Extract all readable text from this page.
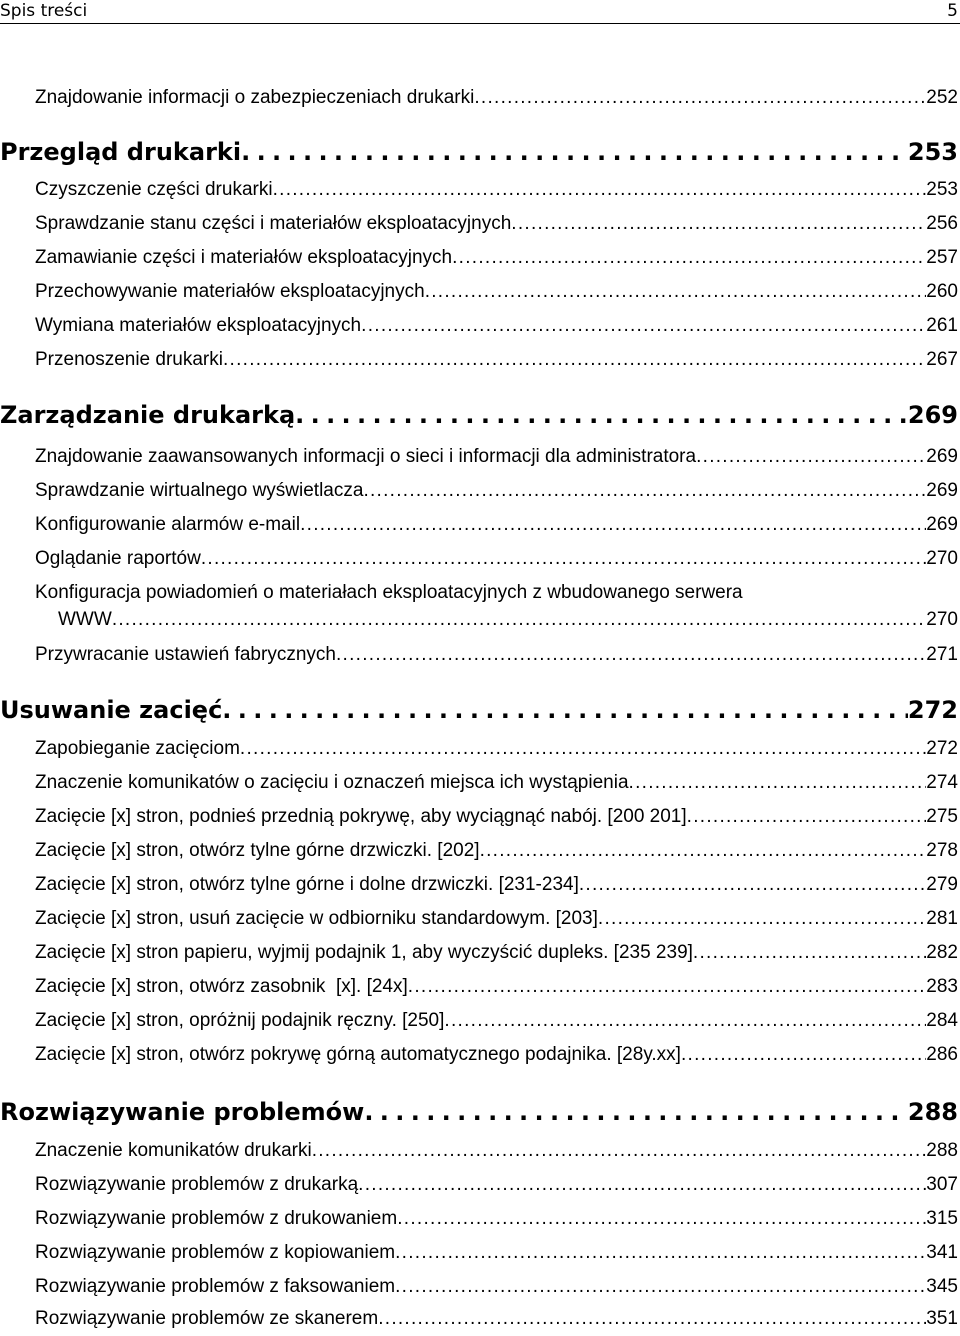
Spis treści	5
Znajdowanie informacji o zabezpieczeniach drukarki . . .	252
Przegląd drukarki . . .	253
Czyszczenie części drukarki . . .	253
Sprawdzanie stanu części i materiałów eksploatacyjnych . . .	256
Zamawianie części i materiałów eksploatacyjnych . . .	257
Przechowywanie materiałów eksploatacyjnych . . .	260
Wymiana materiałów eksploatacyjnych . . .	261
Przenoszenie drukarki . . .	267
Zarządzanie drukarką . . .	269
Znajdowanie zaawansowanych informacji o sieci i informacji dla administratora . . .	269
Sprawdzanie wirtualnego wyświetlacza . . .	269
Konfigurowanie alarmów e-mail . . .	269
Oglądanie raportów . . .	270
Konfiguracja powiadomień o materiałach eksploatacyjnych z wbudowanego serwera
WWW . . .	270
Przywracanie ustawień fabrycznych . . .	271
Usuwanie zacięć . . .	272
Zapobieganie zacięciom . . .	272
Znaczenie komunikatów o zacięciu i oznaczeń miejsca ich wystąpienia . . .	274
Zacięcie [x] stron, podnieś przednią pokrywę, aby wyciągnąć nabój. [200 201] . . .	275
Zacięcie [x] stron, otwórz tylne górne drzwiczki. [202] . . .	278
Zacięcie [x] stron, otwórz tylne górne i dolne drzwiczki. [231-234] . . .	279
Zacięcie [x] stron, usuń zacięcie w odbiorniku standardowym. [203] . . .	281
Zacięcie [x] stron papieru, wyjmij podajnik 1, aby wyczyścić dupleks. [235 239] . . .	282
Zacięcie [x] stron, otwórz zasobnik  [x]. [24x] . . .	283
Zacięcie [x] stron, opróżnij podajnik ręczny. [250] . . .	284
Zacięcie [x] stron, otwórz pokrywę górną automatycznego podajnika. [28y.xx] . . .	286
Rozwiązywanie problemów . . .	288
Znaczenie komunikatów drukarki . . .	288
Rozwiązywanie problemów z drukarką . . .	307
Rozwiązywanie problemów z drukowaniem . . .	315
Rozwiązywanie problemów z kopiowaniem . . .	341
Rozwiązywanie problemów z faksowaniem . . .	345
Rozwiązywanie problemów ze skanerem . . .	351
